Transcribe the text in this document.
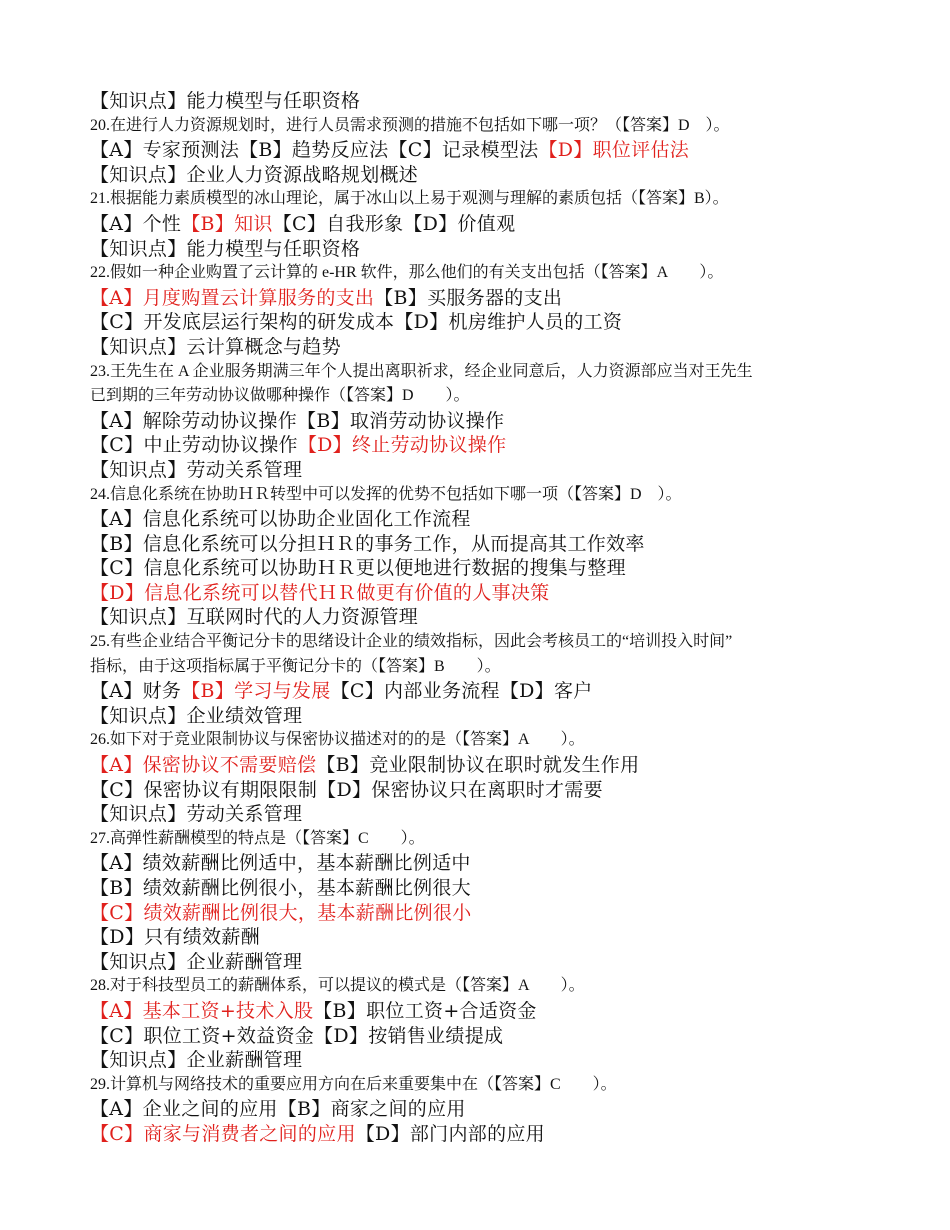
【知识点】能力模型与任职资格
20.在进行人力资源规划时，进行人员需求预测的措施不包括如下哪一项？（【答案】D　）。
【A】专家预测法【B】趋势反应法【C】记录模型法【D】职位评估法
【知识点】企业人力资源战略规划概述
21.根据能力素质模型的冰山理论，属于冰山以上易于观测与理解的素质包括（【答案】B）。
【A】个性【B】知识【C】自我形象【D】价值观
【知识点】能力模型与任职资格
22.假如一种企业购置了云计算的 e-HR 软件，那么他们的有关支出包括（【答案】A　　）。
【A】月度购置云计算服务的支出【B】买服务器的支出
【C】开发底层运行架构的研发成本【D】机房维护人员的工资
【知识点】云计算概念与趋势
23.王先生在 A 企业服务期满三年个人提出离职祈求，经企业同意后，人力资源部应当对王先生
已到期的三年劳动协议做哪种操作（【答案】D　　）。
【A】解除劳动协议操作【B】取消劳动协议操作
【C】中止劳动协议操作【D】终止劳动协议操作
【知识点】劳动关系管理
24.信息化系统在协助ＨＲ转型中可以发挥的优势不包括如下哪一项（【答案】D　）。
【A】信息化系统可以协助企业固化工作流程
【B】信息化系统可以分担ＨＲ的事务工作，从而提高其工作效率
【C】信息化系统可以协助ＨＲ更以便地进行数据的搜集与整理
【D】信息化系统可以替代ＨＲ做更有价值的人事决策
【知识点】互联网时代的人力资源管理
25.有些企业结合平衡记分卡的思绪设计企业的绩效指标，因此会考核员工的“培训投入时间”
指标，由于这项指标属于平衡记分卡的（【答案】B　　）。
【A】财务【B】学习与发展【C】内部业务流程【D】客户
【知识点】企业绩效管理
26.如下对于竞业限制协议与保密协议描述对的的是（【答案】A　　）。
【A】保密协议不需要赔偿【B】竞业限制协议在职时就发生作用
【C】保密协议有期限限制【D】保密协议只在离职时才需要
【知识点】劳动关系管理
27.高弹性薪酬模型的特点是（【答案】C　　）。
【A】绩效薪酬比例适中，基本薪酬比例适中
【B】绩效薪酬比例很小，基本薪酬比例很大
【C】绩效薪酬比例很大，基本薪酬比例很小
【D】只有绩效薪酬
【知识点】企业薪酬管理
28.对于科技型员工的薪酬体系，可以提议的模式是（【答案】A　　）。
【A】基本工资+技术入股【B】职位工资+合适资金
【C】职位工资+效益资金【D】按销售业绩提成
【知识点】企业薪酬管理
29.计算机与网络技术的重要应用方向在后来重要集中在（【答案】C　　）。
【A】企业之间的应用【B】商家之间的应用
【C】商家与消费者之间的应用【D】部门内部的应用
